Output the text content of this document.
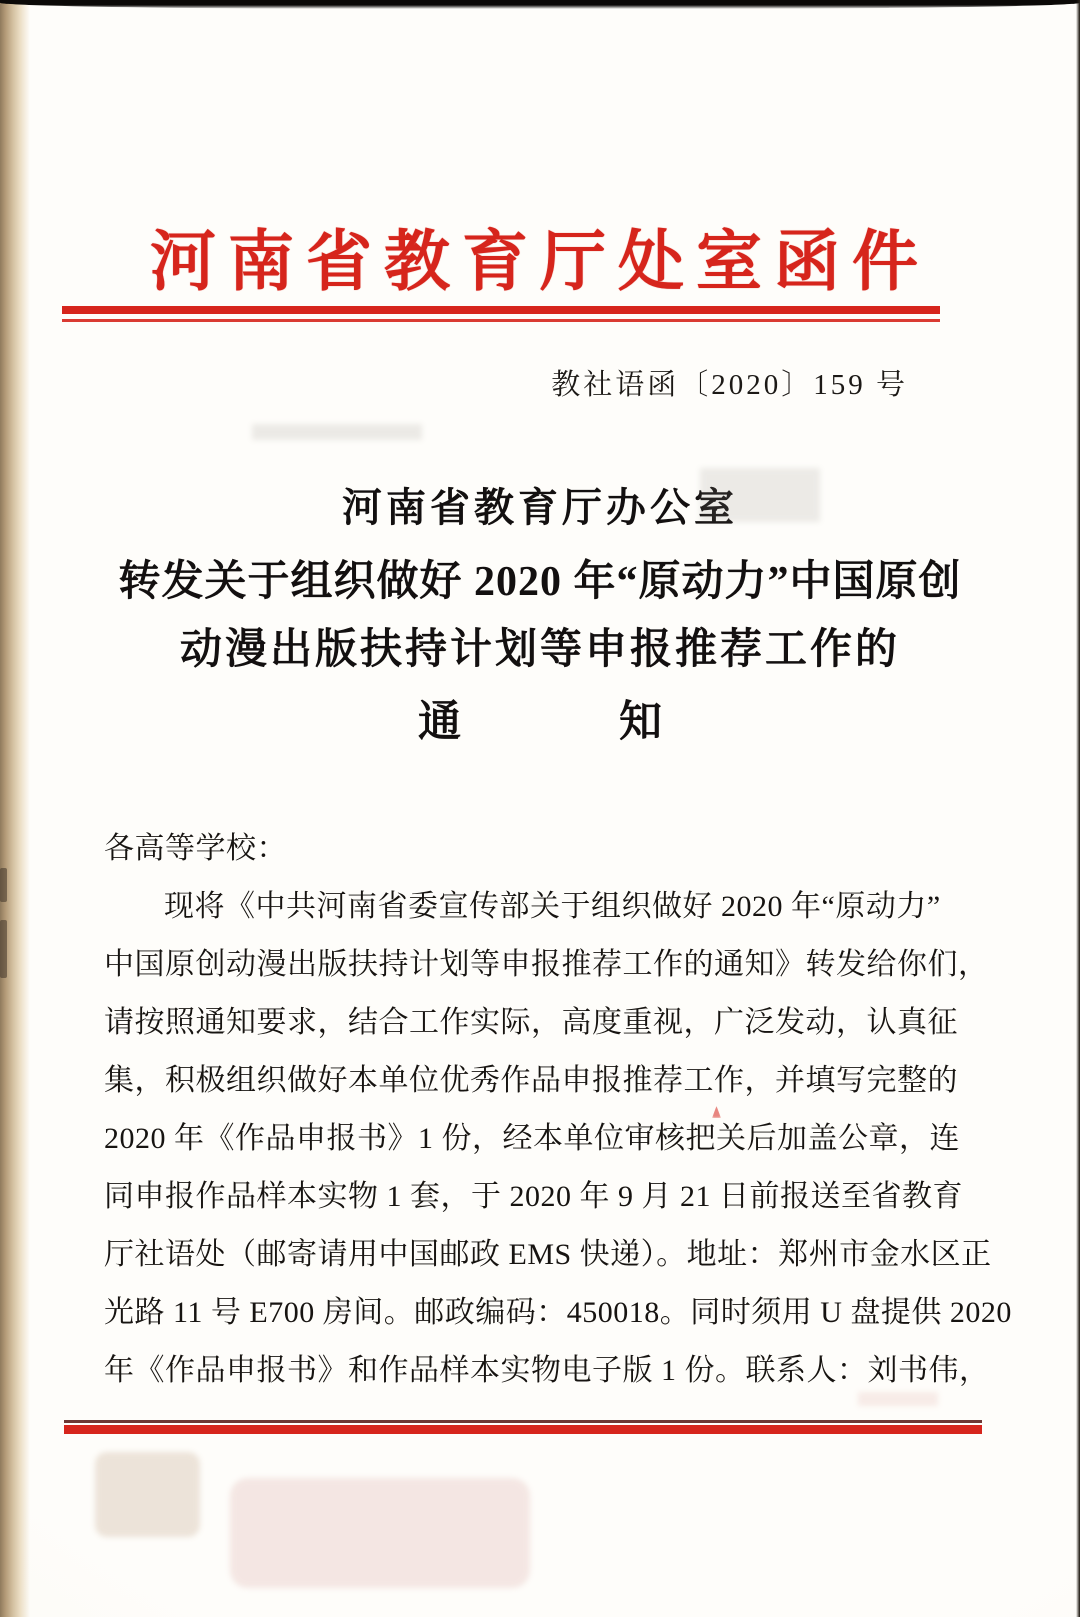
河南省教育厅处室函件
教社语函〔2020〕159 号
河南省教育厅办公室
转发关于组织做好 2020 年“原动力”中国原创
动漫出版扶持计划等申报推荐工作的
通	知
各高等学校：
现将《中共河南省委宣传部关于组织做好 2020 年“原动力”
中国原创动漫出版扶持计划等申报推荐工作的通知》转发给你们，
请按照通知要求，结合工作实际，高度重视，广泛发动，认真征
集，积极组织做好本单位优秀作品申报推荐工作，并填写完整的
2020 年《作品申报书》1 份，经本单位审核把关后加盖公章，连
同申报作品样本实物 1 套，于 2020 年 9 月 21 日前报送至省教育
厅社语处（邮寄请用中国邮政 EMS 快递）。地址：郑州市金水区正
光路 11 号 E700 房间。邮政编码：450018。同时须用 U 盘提供 2020
年《作品申报书》和作品样本实物电子版 1 份。联系人：刘书伟，
